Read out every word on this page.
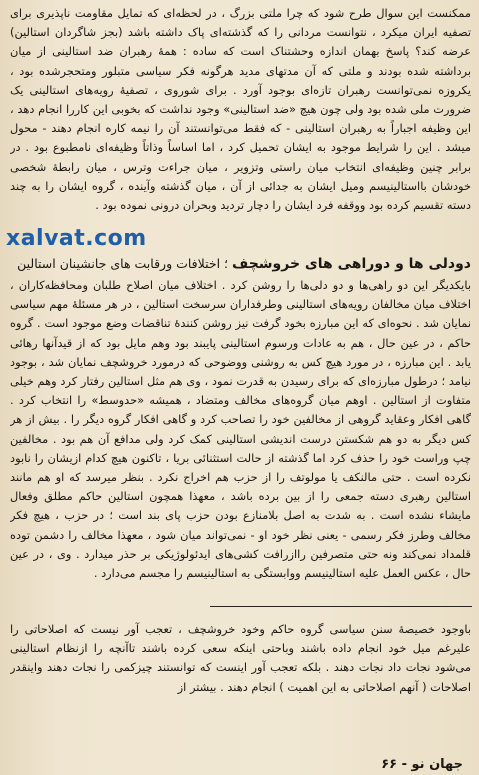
ممکنست این سوال طرح شود که چرا ملتی بزرگ ، در لحظه‌ای که تمایل مقاومت ناپذیری برای تصفیه ایران میکرد ، نتوانست مردانی را که گذشته‌ای پاک داشته باشد (بجز شاگردان استالین) عرضه کند؟ پاسخ بهمان اندازه وحشتناک است که ساده : همهٔ رهبران ضد استالینی از میان برداشته شده بودند و ملتی که آن مدتهای مدید هرگونه فکر سیاسی متبلور ومتحجرشده بود ، یکروزه نمی‌توانست رهبران تازه‌ای بوجود آورد . برای شوروی ، تصفیهٔ رویه‌های استالینی یک ضرورت ملی شده بود ولی چون هیچ «ضد استالینی» وجود نداشت که بخوبی این کاررا انجام دهد ، این وظیفه اجباراً به رهبران استالینی - که فقط می‌توانستند آن را نیمه کاره انجام دهند - محول میشد . این را شرایط موجود به ایشان تحمیل کرد ، اما اساساً وذاتاً وظیفه‌ای نامطبوع بود . در برابر چنین وظیفه‌ای انتخاب میان راستی وتزویر ، میان جراءت وترس ، میان رابطهٔ شخصی خودشان بااستالینیسم ومیل ایشان به جدائی از آن ، میان گذشته وآینده ، گروه ایشان را به چند دسته تقسیم کرده بود ووقفه فرد ایشان را دچار تردید وبحران درونی نموده بود .
xalvat.com
دودلی ها و دوراهی های خروشچف ؛ اختلافات ورقابت های جانشینان استالین
بایکدیگر این دو راهی‌ها و دو دلی‌ها را روشن کرد . اختلاف میان اصلاح طلبان ومحافظه‌کاران ، اختلاف میان مخالفان رویه‌های استالینی وطرفداران سرسخت استالین ، در هر مسئلهٔ مهم سیاسی نمایان شد . نحوه‌ای که این مبارزه بخود گرفت نیز روشن کنندهٔ تناقضات وضع موجود است . گروه حاکم ، در عین حال ، هم به عادات ورسوم استالینی پایبند بود وهم مایل بود که از قیدآنها رهائی یابد . این مبارزه ، در مورد هیچ کس به روشنی ووضوحی که درمورد خروشچف نمایان شد ، بوجود نیامد ؛ درطول مبارزه‌ای که برای رسیدن به قدرت نمود ، وی هم مثل استالین رفتار کرد وهم خیلی متفاوت از استالین . اوهم میان گروه‌های مخالف ومتضاد ، همیشه «حدوسط» را انتخاب کرد . گاهی افکار وعقاید گروهی از مخالفین خود را تصاحب کرد و گاهی افکار گروه دیگر را . بیش از هر کس دیگر به دو هم شکستن درست اندیشی استالینی کمک کرد ولی مدافع آن هم بود . مخالفین چپ وراست خود را حذف کرد اما گذشته از حالت استثنائی بریا ، تاکنون هیچ کدام ازیشان را نابود نکرده است . حتی مالنکف یا مولوتف را از حزب هم اخراج نکرد . بنظر میرسد که او هم مانند استالین رهبری دسته جمعی را از بین برده باشد ، معهذا همچون استالین حاکم مطلق وفعال مایشاء نشده است . به شدت به اصل بلامنازع بودن حزب پای بند است ؛ در حزب ، هیچ فکر مخالف وطرز فکر رسمی - یعنی نظر خود او - نمی‌تواند میان شود ، معهذا مخالف را دشمن توده قلمداد نمی‌کند ونه حتی متصرفین راازرافت کشی‌های ایدئولوژیکی بر حذر میدارد . وی ، در عین حال ، عکس العمل علیه استالینیسم ووابستگی به استالینیسم را مجسم می‌دارد .
باوجود خصیصهٔ سنن سیاسی گروه حاکم وخود خروشچف ، تعجب آور نیست که اصلاحاتی را علیرغم میل خود انجام داده باشند وباحتی اینکه سعی کرده باشند تاآنچه را ازنظام استالینی می‌شود نجات داد نجات دهند . بلکه تعجب آور اینست که توانستند چیزکمی را نجات دهند واینقدر اصلاحات ( آنهم اصلاحاتی به این اهمیت ) انجام دهند . بیشتر از
جهان نو - ۶۶
